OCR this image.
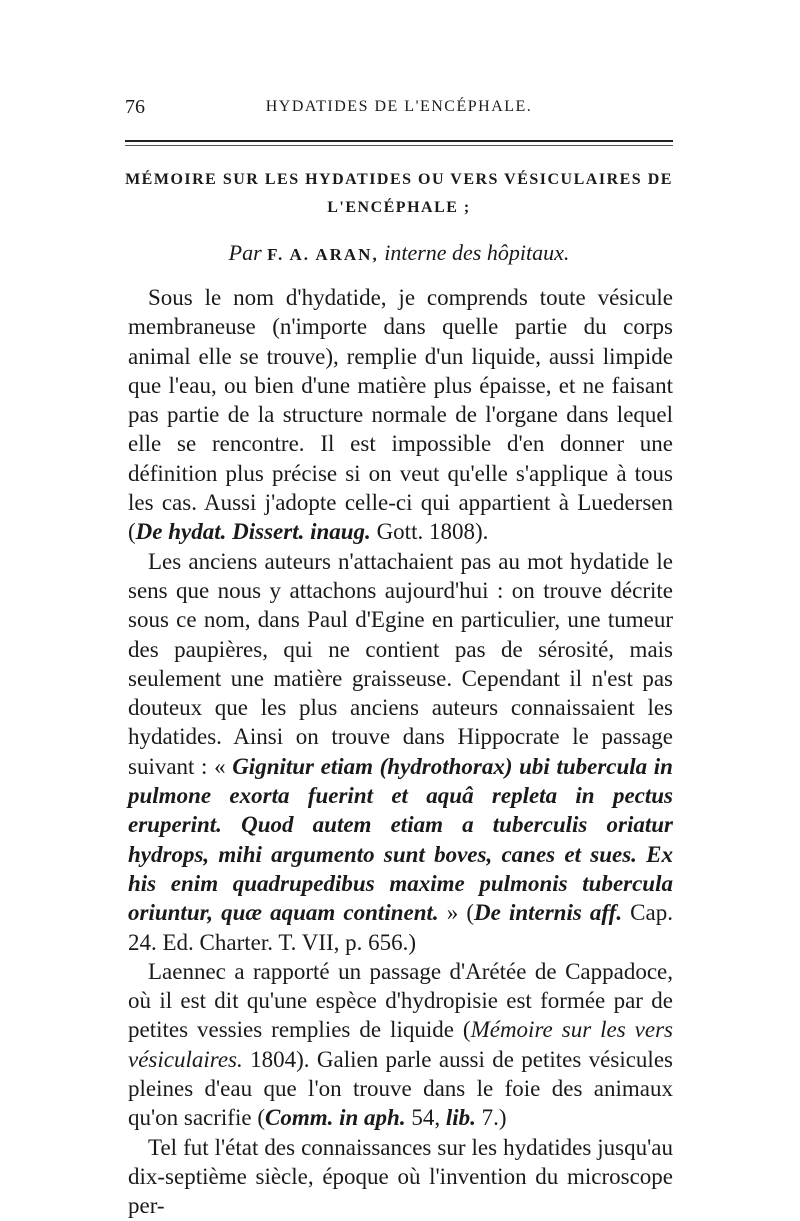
76	HYDATIDES DE L'ENCÉPHALE.
MÉMOIRE SUR LES HYDATIDES OU VERS VÉSICULAIRES DE
L'ENCÉPHALE ;
Par F. A. ARAN, interne des hôpitaux.

Sous le nom d'hydatide, je comprends toute vésicule membraneuse (n'importe dans quelle partie du corps animal elle se trouve), remplie d'un liquide, aussi limpide que l'eau, ou bien d'une matière plus épaisse, et ne faisant pas partie de la structure normale de l'organe dans lequel elle se rencontre. Il est impossible d'en donner une définition plus précise si on veut qu'elle s'applique à tous les cas. Aussi j'adopte celle-ci qui appartient à Luedersen (De hydat. Dissert. inaug. Gott. 1808).

Les anciens auteurs n'attachaient pas au mot hydatide le sens que nous y attachons aujourd'hui : on trouve décrite sous ce nom, dans Paul d'Egine en particulier, une tumeur des paupières, qui ne contient pas de sérosité, mais seulement une matière graisseuse. Cependant il n'est pas douteux que les plus anciens auteurs connaissaient les hydatides. Ainsi on trouve dans Hippocrate le passage suivant : « Gignitur etiam (hydrothorax) ubi tubercula in pulmone exorta fuerint et aquâ repleta in pectus eruperint. Quod autem etiam a tuberculis oriatur hydrops, mihi argumento sunt boves, canes et sues. Ex his enim quadrupedibus maxime pulmonis tubercula oriuntur, quæ aquam continent. » (De internis aff. Cap. 24. Ed. Charter. T. VII, p. 656.)

Laennec a rapporté un passage d'Arétée de Cappadoce, où il est dit qu'une espèce d'hydropisie est formée par de petites vessies remplies de liquide (Mémoire sur les vers vésiculaires. 1804). Galien parle aussi de petites vésicules pleines d'eau que l'on trouve dans le foie des animaux qu'on sacrifie (Comm. in aph. 54, lib. 7.)

Tel fut l'état des connaissances sur les hydatides jusqu'au dix-septième siècle, époque où l'invention du microscope per-
